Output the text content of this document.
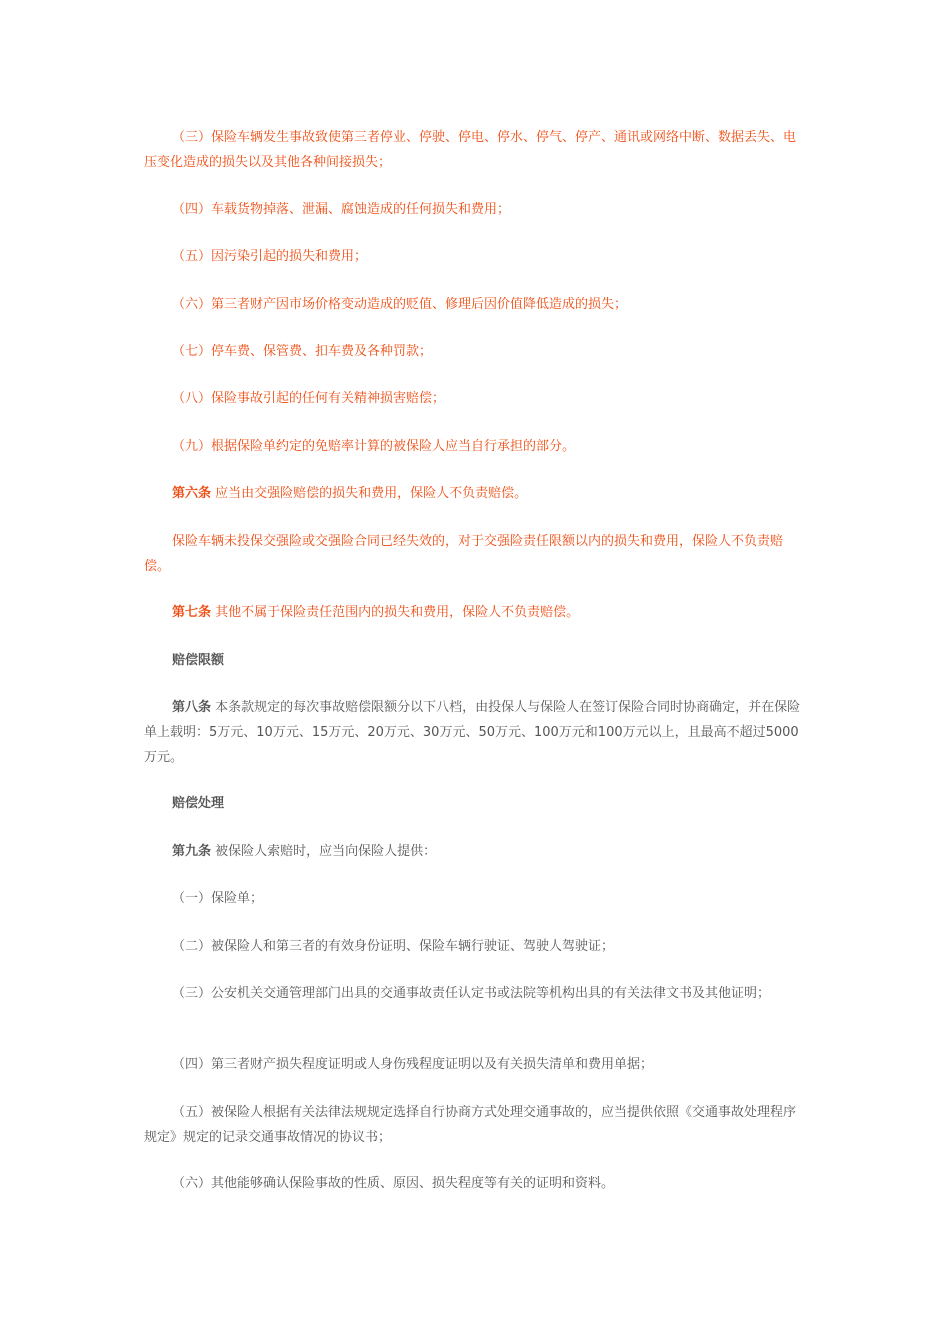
（三）保险车辆发生事故致使第三者停业、停驶、停电、停水、停气、停产、通讯或网络中断、数据丢失、电压变化造成的损失以及其他各种间接损失；

（四）车载货物掉落、泄漏、腐蚀造成的任何损失和费用；

（五）因污染引起的损失和费用；

（六）第三者财产因市场价格变动造成的贬值、修理后因价值降低造成的损失；

（七）停车费、保管费、扣车费及各种罚款；

（八）保险事故引起的任何有关精神损害赔偿；

（九）根据保险单约定的免赔率计算的被保险人应当自行承担的部分。

第六条 应当由交强险赔偿的损失和费用，保险人不负责赔偿。

保险车辆未投保交强险或交强险合同已经失效的，对于交强险责任限额以内的损失和费用，保险人不负责赔偿。

第七条 其他不属于保险责任范围内的损失和费用，保险人不负责赔偿。

赔偿限额

第八条 本条款规定的每次事故赔偿限额分以下八档，由投保人与保险人在签订保险合同时协商确定，并在保险单上载明：5万元、10万元、15万元、20万元、30万元、50万元、100万元和100万元以上，且最高不超过5000万元。

赔偿处理

第九条 被保险人索赔时，应当向保险人提供：

（一）保险单；

（二）被保险人和第三者的有效身份证明、保险车辆行驶证、驾驶人驾驶证；

（三）公安机关交通管理部门出具的交通事故责任认定书或法院等机构出具的有关法律文书及其他证明；

（四）第三者财产损失程度证明或人身伤残程度证明以及有关损失清单和费用单据；

（五）被保险人根据有关法律法规规定选择自行协商方式处理交通事故的，应当提供依照《交通事故处理程序规定》规定的记录交通事故情况的协议书；

（六）其他能够确认保险事故的性质、原因、损失程度等有关的证明和资料。
